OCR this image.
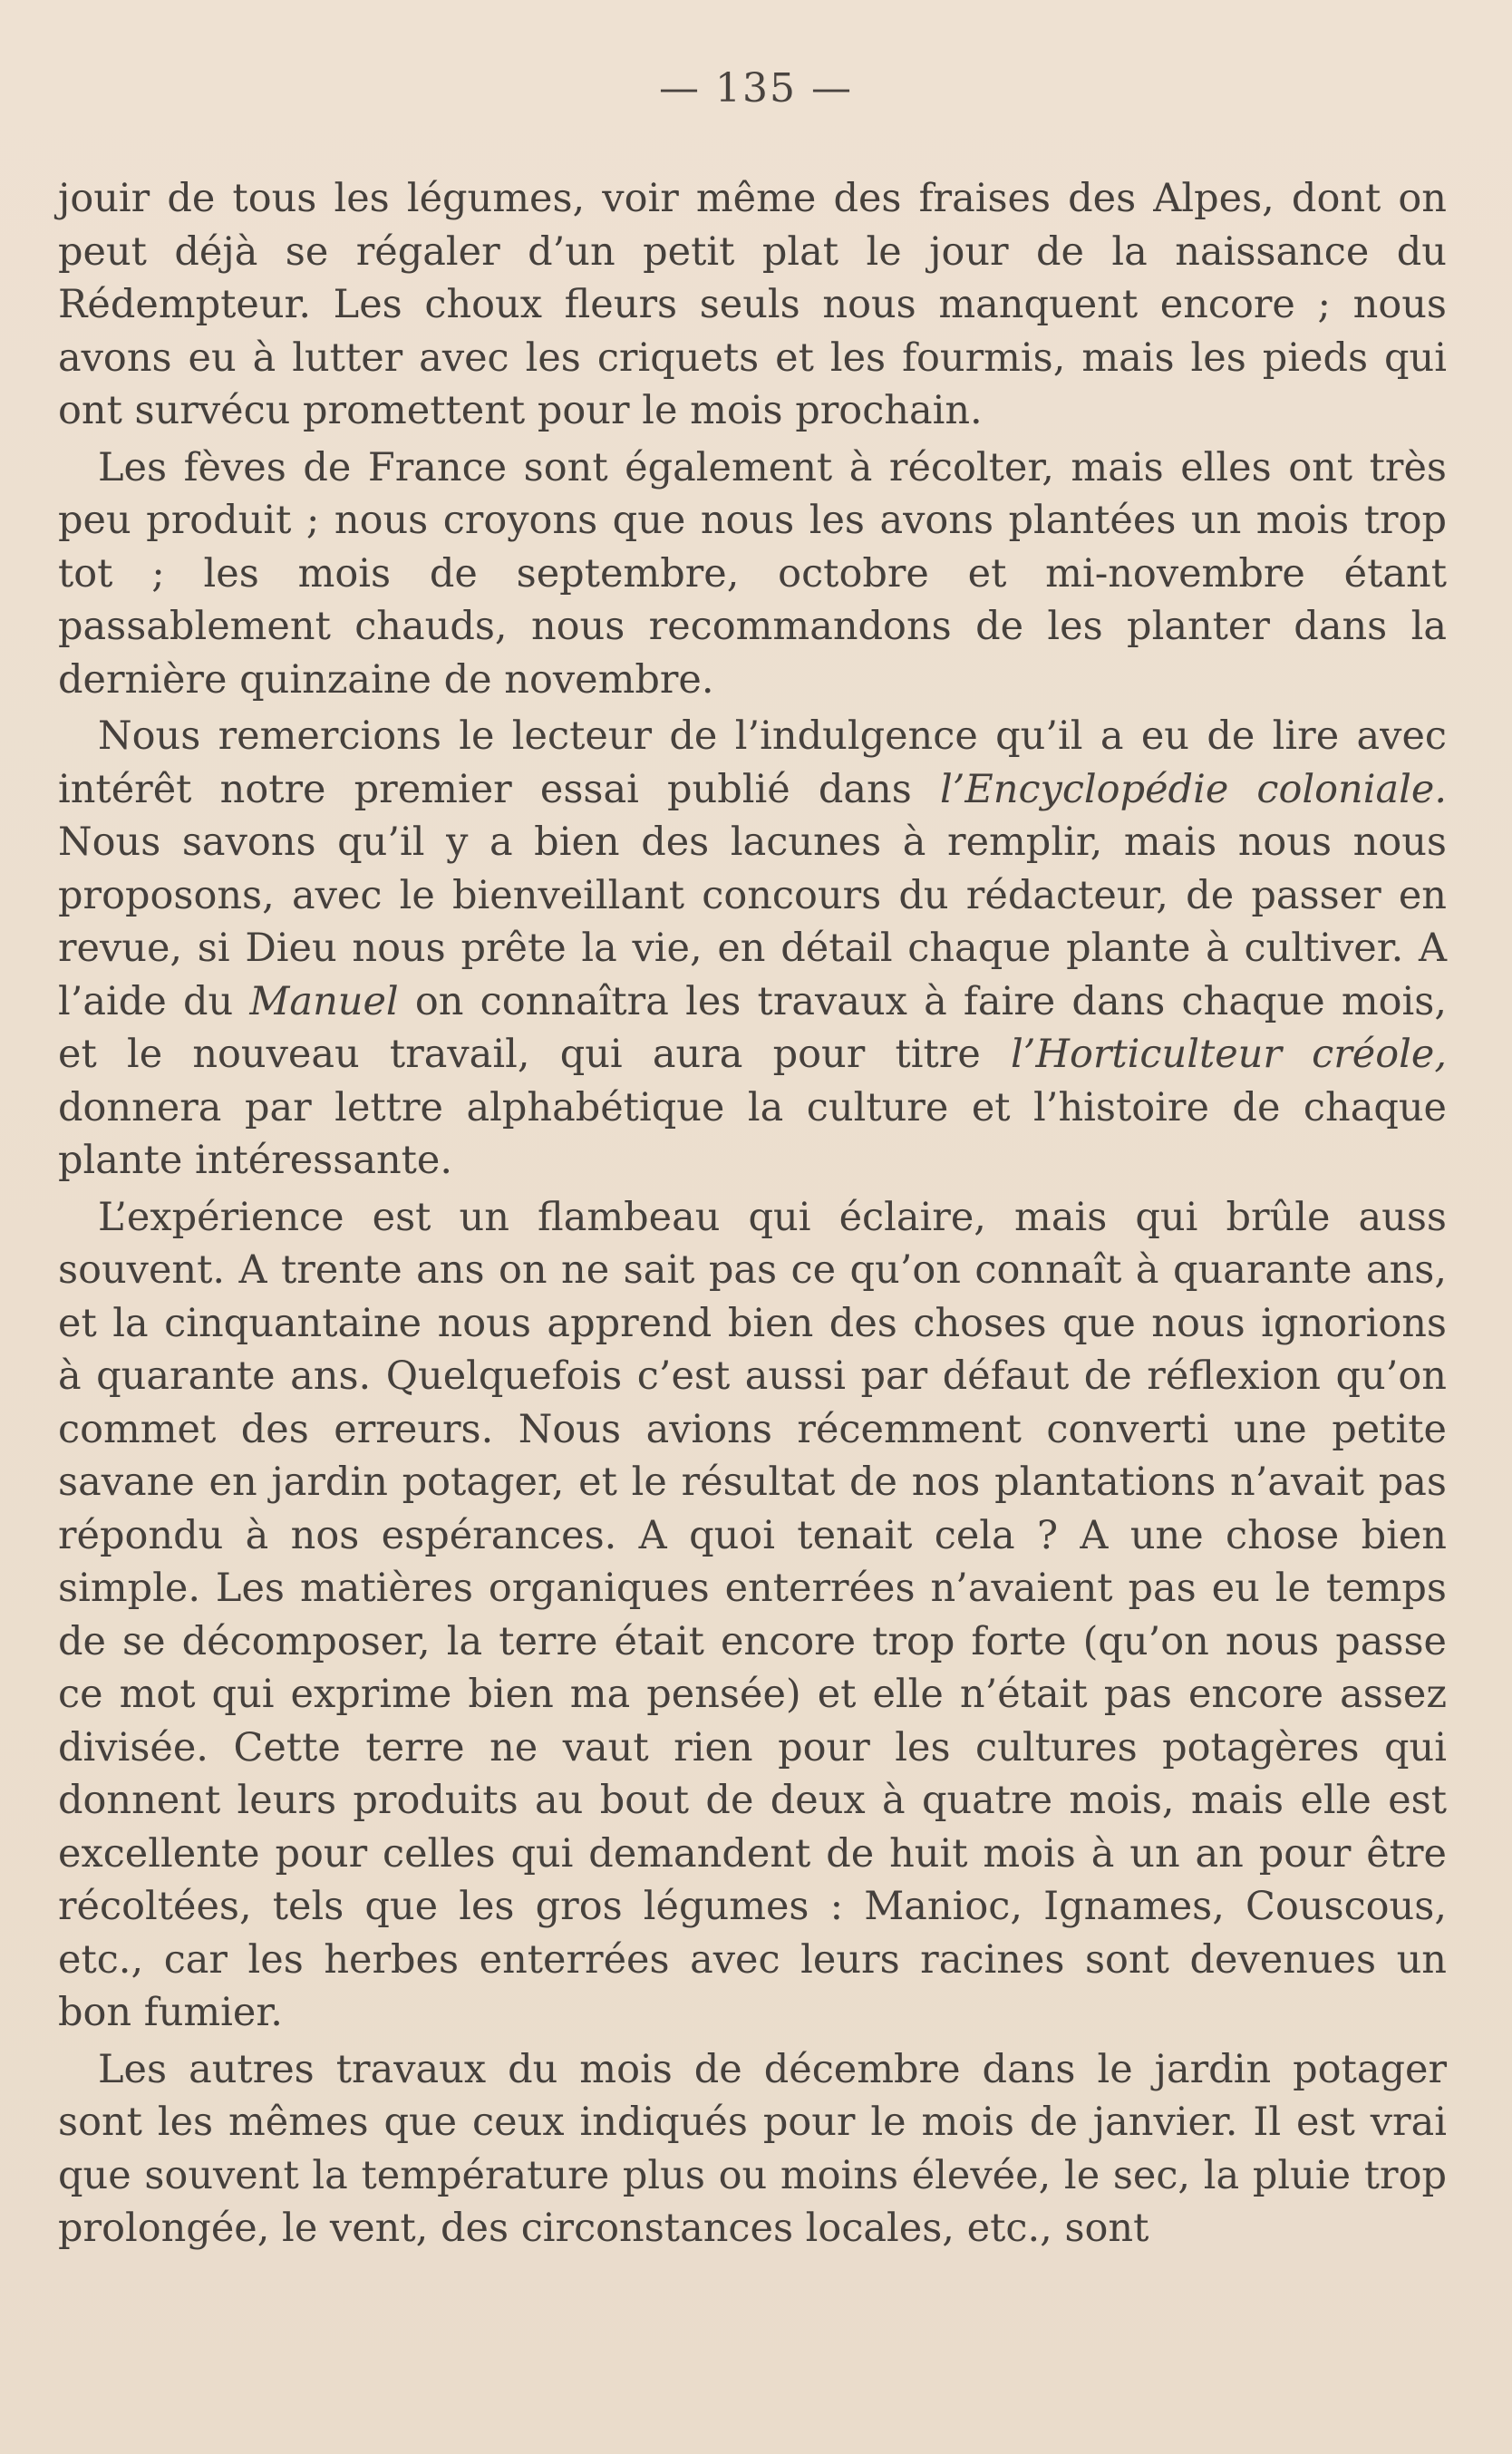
— 135 —

jouir de tous les légumes, voir même des fraises des Alpes, dont on peut déjà se régaler d’un petit plat le jour de la naissance du Rédempteur. Les choux fleurs seuls nous manquent encore ; nous avons eu à lutter avec les criquets et les fourmis, mais les pieds qui ont survécu promettent pour le mois prochain.

Les fèves de France sont également à récolter, mais elles ont très peu produit ; nous croyons que nous les avons plantées un mois trop tot ; les mois de septembre, octobre et mi-novembre étant passablement chauds, nous recommandons de les planter dans la dernière quinzaine de novembre.

Nous remercions le lecteur de l’indulgence qu’il a eu de lire avec intérêt notre premier essai publié dans l’Encyclopédie coloniale. Nous savons qu’il y a bien des lacunes à remplir, mais nous nous proposons, avec le bienveillant concours du rédacteur, de passer en revue, si Dieu nous prête la vie, en détail chaque plante à cultiver. A l’aide du Manuel on connaîtra les travaux à faire dans chaque mois, et le nouveau travail, qui aura pour titre l’Horticulteur créole, donnera par lettre alphabétique la culture et l’histoire de chaque plante intéressante.

L’expérience est un flambeau qui éclaire, mais qui brûle auss souvent. A trente ans on ne sait pas ce qu’on connaît à quarante ans, et la cinquantaine nous apprend bien des choses que nous ignorions à quarante ans. Quelquefois c’est aussi par défaut de réflexion qu’on commet des erreurs. Nous avions récemment converti une petite savane en jardin potager, et le résultat de nos plantations n’avait pas répondu à nos espérances. A quoi tenait cela ? A une chose bien simple. Les matières organiques enterrées n’avaient pas eu le temps de se décomposer, la terre était encore trop forte (qu’on nous passe ce mot qui exprime bien ma pensée) et elle n’était pas encore assez divisée. Cette terre ne vaut rien pour les cultures potagères qui donnent leurs produits au bout de deux à quatre mois, mais elle est excellente pour celles qui demandent de huit mois à un an pour être récoltées, tels que les gros légumes : Manioc, Ignames, Couscous, etc., car les herbes enterrées avec leurs racines sont devenues un bon fumier.

Les autres travaux du mois de décembre dans le jardin potager sont les mêmes que ceux indiqués pour le mois de janvier. Il est vrai que souvent la température plus ou moins élevée, le sec, la pluie trop prolongée, le vent, des circonstances locales, etc., sont
